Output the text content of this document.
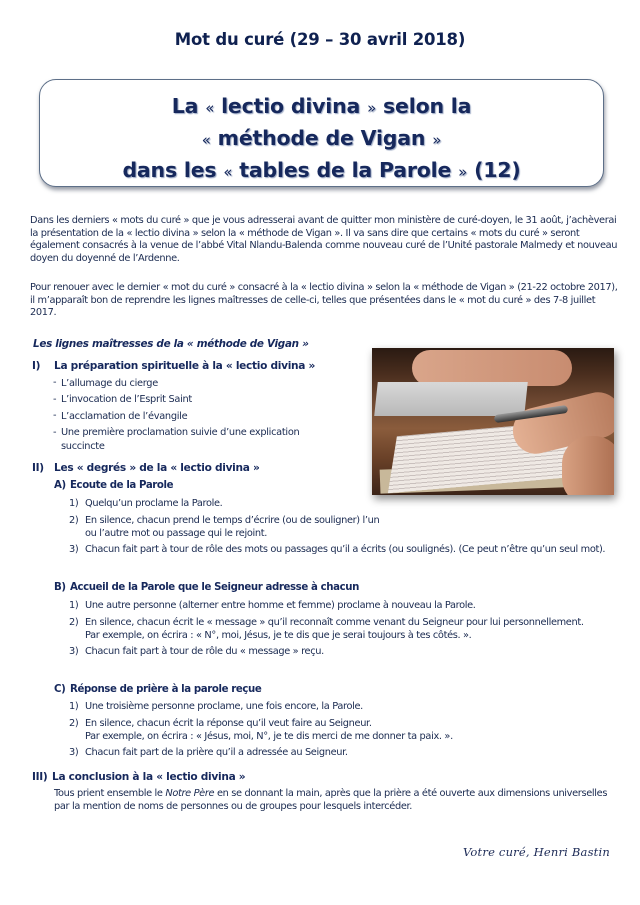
Mot du curé (29 – 30 avril 2018)
La « lectio divina » selon la
« méthode de Vigan »
dans les « tables de la Parole » (12)

Dans les derniers « mots du curé » que je vous adresserai avant de quitter mon ministère de curé-doyen, le 31 août, j’achèverai la présentation de la « lectio divina » selon la « méthode de Vigan ». Il va sans dire que certains « mots du curé » seront également consacrés à la venue de l’abbé Vital Nlandu-Balenda comme nouveau curé de l’Unité pastorale Malmedy et nouveau doyen du doyenné de l’Ardenne.

Pour renouer avec le dernier « mot du curé » consacré à la « lectio divina » selon la « méthode de Vigan » (21-22 octobre 2017), il m’apparaît bon de reprendre les lignes maîtresses de celle-ci, telles que présentées dans le « mot du curé » des 7-8 juillet 2017.

Les lignes maîtresses de la « méthode de Vigan »
I) La préparation spirituelle à la « lectio divina »
- L’allumage du cierge
- L’invocation de l’Esprit Saint
- L’acclamation de l’évangile
- Une première proclamation suivie d’une explication succincte
II) Les « degrés » de la « lectio divina »
A) Ecoute de la Parole
1) Quelqu’un proclame la Parole.
2) En silence, chacun prend le temps d’écrire (ou de souligner) l’un ou l’autre mot ou passage qui le rejoint.
3) Chacun fait part à tour de rôle des mots ou passages qu’il a écrits (ou soulignés). (Ce peut n’être qu’un seul mot).
B) Accueil de la Parole que le Seigneur adresse à chacun
1) Une autre personne (alterner entre homme et femme) proclame à nouveau la Parole.
2) En silence, chacun écrit le « message » qu’il reconnaît comme venant du Seigneur pour lui personnellement.
Par exemple, on écrira : « N°, moi, Jésus, je te dis que je serai toujours à tes côtés. ».
3) Chacun fait part à tour de rôle du « message » reçu.
C) Réponse de prière à la parole reçue
1) Une troisième personne proclame, une fois encore, la Parole.
2) En silence, chacun écrit la réponse qu’il veut faire au Seigneur.
Par exemple, on écrira : « Jésus, moi, N°, je te dis merci de me donner ta paix. ».
3) Chacun fait part de la prière qu’il a adressée au Seigneur.
III) La conclusion à la « lectio divina »
Tous prient ensemble le Notre Père en se donnant la main, après que la prière a été ouverte aux dimensions universelles par la mention de noms de personnes ou de groupes pour lesquels intercéder.
Votre curé, Henri Bastin
